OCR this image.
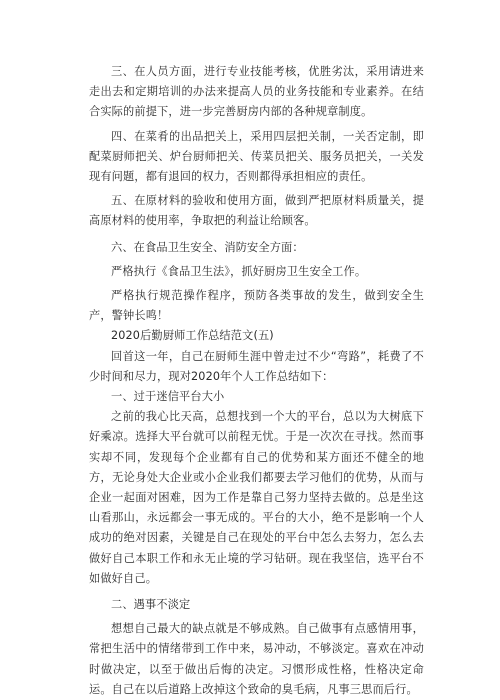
三、在人员方面，进行专业技能考核，优胜劣汰，采用请进来走出去和定期培训的办法来提高人员的业务技能和专业素养。在结合实际的前提下，进一步完善厨房内部的各种规章制度。

四、在菜肴的出品把关上，采用四层把关制，一关否定制，即配菜厨师把关、炉台厨师把关、传菜员把关、服务员把关，一关发现有问题，都有退回的权力，否则都得承担相应的责任。

五、在原材料的验收和使用方面，做到严把原材料质量关，提高原材料的使用率，争取把的利益让给顾客。

六、在食品卫生安全、消防安全方面：

严格执行《食品卫生法》，抓好厨房卫生安全工作。

严格执行规范操作程序，预防各类事故的发生，做到安全生产，警钟长鸣！

2020后勤厨师工作总结范文(五)

回首这一年，自己在厨师生涯中曾走过不少“弯路”，耗费了不少时间和尽力，现对2020年个人工作总结如下：

一、过于迷信平台大小

之前的我心比天高，总想找到一个大的平台，总以为大树底下好乘凉。选择大平台就可以前程无忧。于是一次次在寻找。然而事实却不同，发现每个企业都有自己的优势和某方面还不健全的地方，无论身处大企业或小企业我们都要去学习他们的优势，从而与企业一起面对困难，因为工作是靠自己努力坚持去做的。总是坐这山看那山，永远都会一事无成的。平台的大小，绝不是影响一个人成功的绝对因素，关键是自己在现处的平台中怎么去努力，怎么去做好自己本职工作和永无止境的学习钻研。现在我坚信，选平台不如做好自己。

二、遇事不淡定

想想自己最大的缺点就是不够成熟。自己做事有点感情用事，常把生活中的情绪带到工作中来，易冲动，不够淡定。喜欢在冲动时做决定，以至于做出后悔的决定。习惯形成性格，性格决定命运。自己在以后道路上改掉这个致命的臭毛病，凡事三思而后行。
